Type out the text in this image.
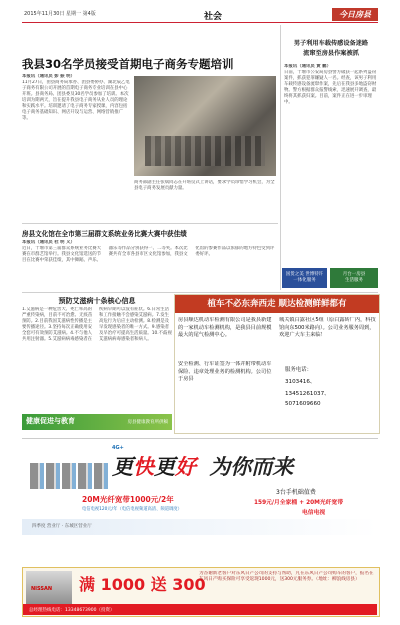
2015年11月30日 星期一 第4版	社会	今日房县
我县30名学员接受首期电子商务专题培训
本报讯（通讯员 彭 振 明）
11月27日，由县商务局承办、团县委协办、湖北辰乙电子商务有限公司开展的首期电子商务专业培训在县中心开班。县商务局、团县委及30名学员参加了培训。本次培训为期两天，旨在提升我县电子商务从业人员的理论和实践水平。培训邀请了电子商务专家授课，内容包括电子商务基础知识、网店开设与运营、网络营销推广等。
商务部副主任张斌同志在开班仪式上讲话，要求学员珍惜学习机会，为全县电子商务发展贡献力量。
男子利用车载传感设备迷路
流窜至房县作案被抓
本报讯（通讯员 黄 鹏）
日前，十堰市公安局房县警方破获一起系列盗窃案件，抓获犯罪嫌疑人一名。经查，该男子利用车载传感设备流窜作案，先后在我县多地盗窃财物。警方根据群众报警线索，迅速展开调查，最终将其抓获归案。目前，案件正在进一步审理中。
国货之美 世博特许
一体化服务
月台一房县
生活服务
房县文化馆在全市第三届群文系统业务比赛大赛中获佳绩
本报讯（通讯员 杜 明 义）
近日，十堰市第三届群众系统业务比赛大赛在市群艺馆举行。我县文化馆选送的节目在比赛中荣获佳绩，其中舞蹈、声乐、器乐等作品分别获得一、二等奖。本次比赛共有全市各县市区文化馆参加，我县文化馆的参赛作品以浓郁的地方特色受到评委好评。
预防艾滋病十条核心信息
1.艾滋病是一种危害大、死亡率高的严重传染病，目前不可治愈、无疫苗预防。2.目前我国艾滋病性传播是主要传播途径。3.坚持每次正确使用安全套可有效预防艾滋病。4.不与他人共用注射器。5.艾滋病病毒感染者在疾病早期可以没有症状。6.日常生活和工作接触不会感染艾滋病。7.发生高危行为后应主动检测。8.检测是及早发现感染者的唯一方式。9.感染者及早治疗可提高生活质量。10.不歧视艾滋病病毒感染者和病人。
健康促进与教育	房县健康教育所供稿
植车不必东奔西走 顺达检测鲜鲜都有
房县顺达机动车检测有限公司是我县新建的一家机动车检测机构，是我县目前规模最大的尾气检测中心。
城关镇白露社区5组（原白露砖厂内，科技馆向东500米路向）。公司业务服务周到，欢迎广大车主来临！
安全检测、行车证签为一体并附带机动车保险、违章处理业务的检测机构。公司位于房县
服务电话：
3103416、
13451261037、
5071609660
4G+
更快更好 为你而来
20M光纤宽带1000元/2年
电信电视120元/年（电信电视频道高清、频道调度）
3台手机础值费
159元/月全家桶 + 20M光纤宽带
电信电视
四季度 营业厅 · 东城区营业厅
NISSAN 满 1000 送 300
为答谢新老客户对东风日产公司的支持与帮助，凡在东风日产公司购车的客户，报名在东风日产购买保险可享受返现1000元，送300元服务券。（地址：柳浪线房县）
总经理热线电话：13348673900（投资）
